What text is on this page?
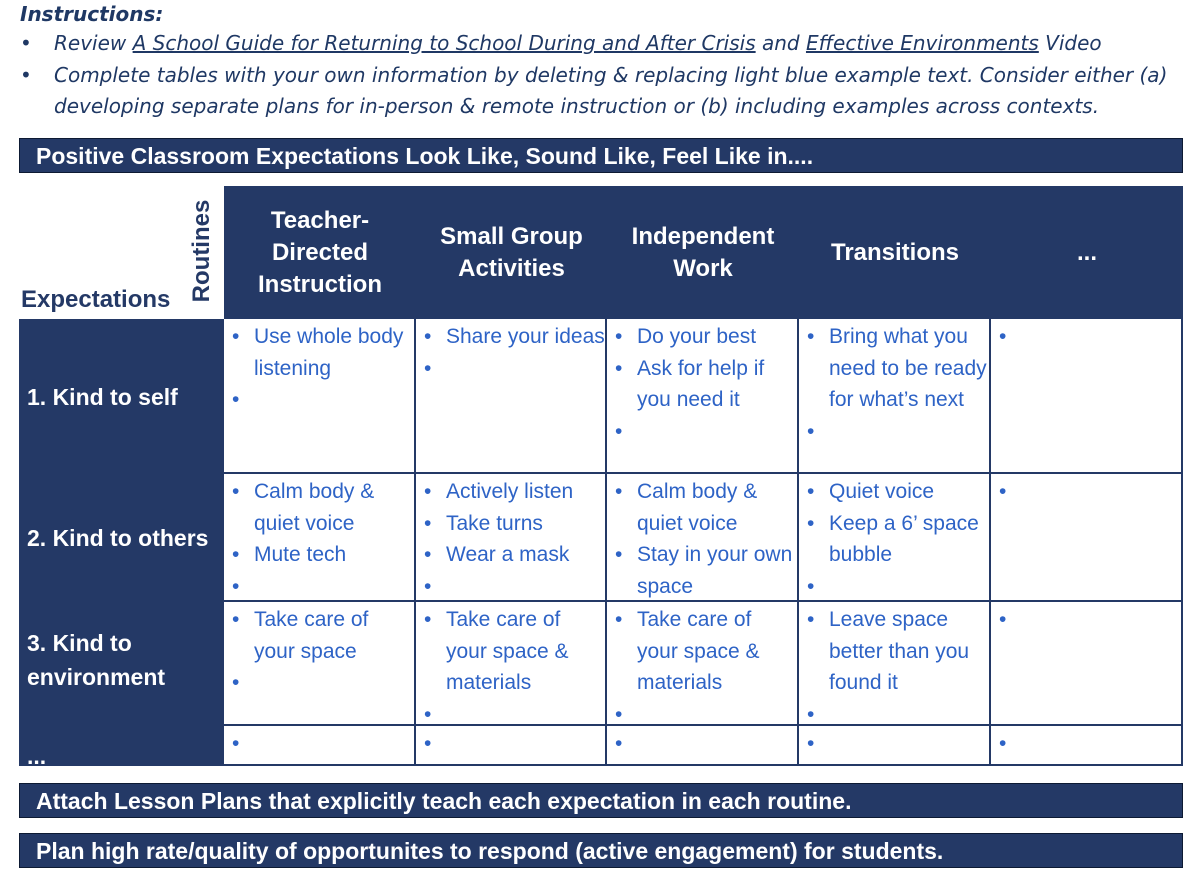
Instructions:
• Review A School Guide for Returning to School During and After Crisis and Effective Environments Video
• Complete tables with your own information by deleting & replacing light blue example text. Consider either (a)
developing separate plans for in-person & remote instruction or (b) including examples across contexts.
Positive Classroom Expectations Look Like, Sound Like, Feel Like in....
Routines
Expectations
Teacher-
Directed
Instruction
Small Group
Activities
Independent
Work
Transitions	...
1. Kind to self
• Use whole body listening
•
• Share your ideas
•
•	Do your best
• Ask for help if you need it
•
• Bring what you need to be ready for what’s next
•
•
2. Kind to others
• Calm body & quiet voice
• Mute tech
•
• Actively listen
• Take turns
• Wear a mask
•
• Calm body & quiet voice
• Stay in your own space
• Quiet voice
• Keep a 6’ space bubble
•
•
3. Kind to environment
• Take care of your space
•
• Take care of your space & materials
•
• Take care of your space & materials
•
• Leave space better than you found it
•
•
...
•
•
•
•
•
Attach Lesson Plans that explicitly teach each expectation in each routine.
Plan high rate/quality of opportunites to respond (active engagement) for students.
